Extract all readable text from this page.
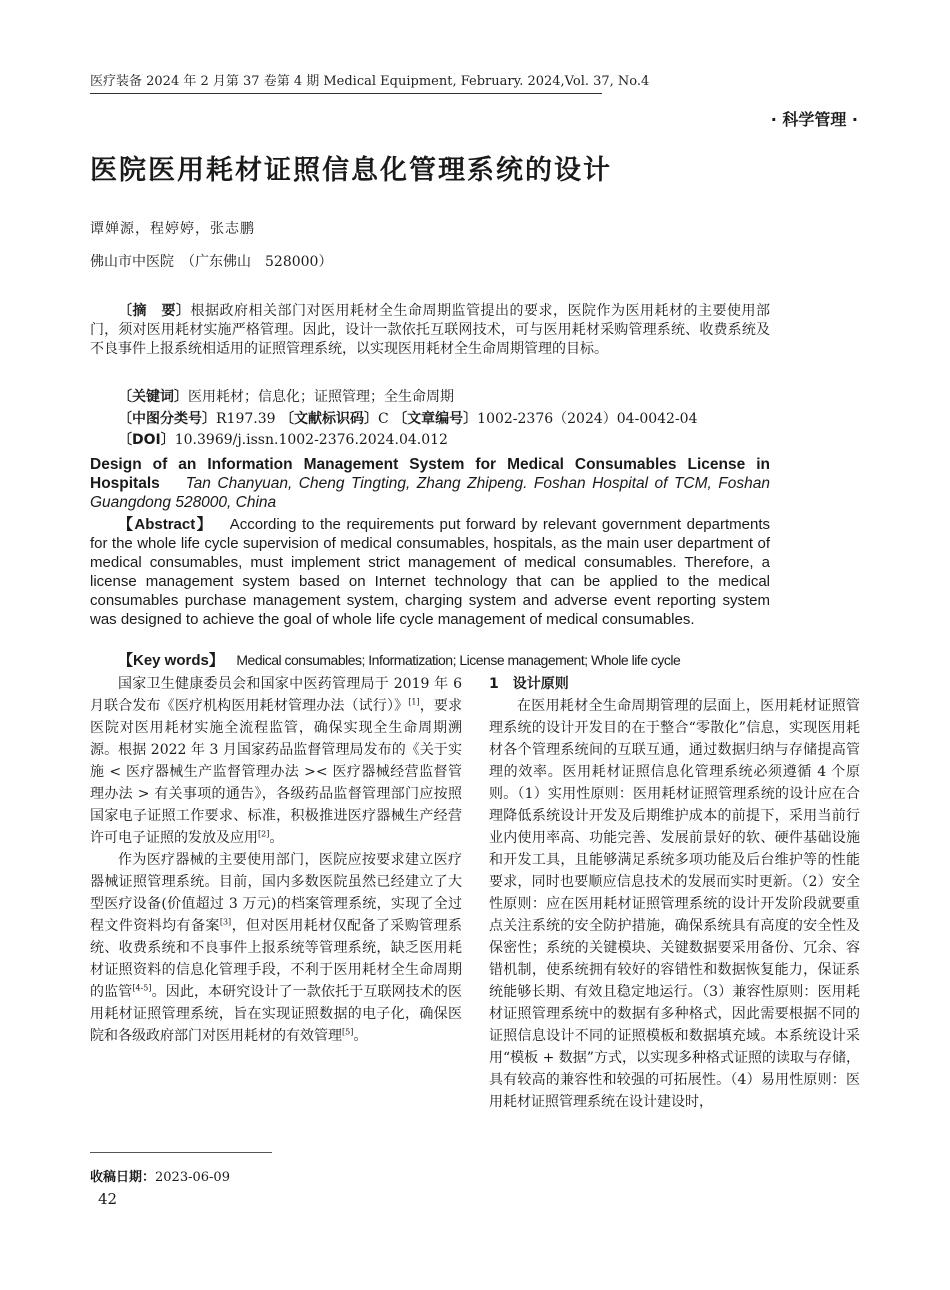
医疗装备 2024 年 2 月第 37 卷第 4 期 Medical Equipment, February. 2024,Vol. 37, No.4
· 科学管理 ·
医院医用耗材证照信息化管理系统的设计
谭婵源，程婷婷，张志鹏
佛山市中医院　（广东佛山　528000）
〔摘　要〕根据政府相关部门对医用耗材全生命周期监管提出的要求，医院作为医用耗材的主要使用部门，须对医用耗材实施严格管理。因此，设计一款依托互联网技术，可与医用耗材采购管理系统、收费系统及不良事件上报系统相适用的证照管理系统，以实现医用耗材全生命周期管理的目标。
〔关键词〕医用耗材；信息化；证照管理；全生命周期
〔中图分类号〕R197.39 〔文献标识码〕C 〔文章编号〕1002-2376（2024）04-0042-04
〔DOI〕10.3969/j.issn.1002-2376.2024.04.012
Design of an Information Management System for Medical Consumables License in Hospitals Tan Chanyuan, Cheng Tingting, Zhang Zhipeng. Foshan Hospital of TCM, Foshan Guangdong 528000, China
【Abstract】 According to the requirements put forward by relevant government departments for the whole life cycle supervision of medical consumables, hospitals, as the main user department of medical consumables, must implement strict management of medical consumables. Therefore, a license management system based on Internet technology that can be applied to the medical consumables purchase management system, charging system and adverse event reporting system was designed to achieve the goal of whole life cycle management of medical consumables.
【Key words】 Medical consumables; Informatization; License management; Whole life cycle

国家卫生健康委员会和国家中医药管理局于 2019 年 6 月联合发布《医疗机构医用耗材管理办法（试行）》[1]，要求医院对医用耗材实施全流程监管，确保实现全生命周期溯源。根据 2022 年 3 月国家药品监督管理局发布的《关于实施 < 医疗器械生产监督管理办法 >< 医疗器械经营监督管理办法 > 有关事项的通告》，各级药品监督管理部门应按照国家电子证照工作要求、标准，积极推进医疗器械生产经营许可电子证照的发放及应用[2]。

作为医疗器械的主要使用部门，医院应按要求建立医疗器械证照管理系统。目前，国内多数医院虽然已经建立了大型医疗设备(价值超过 3 万元)的档案管理系统，实现了全过程文件资料均有备案[3]，但对医用耗材仅配备了采购管理系统、收费系统和不良事件上报系统等管理系统，缺乏医用耗材证照资料的信息化管理手段，不利于医用耗材全生命周期的监管[4-5]。因此，本研究设计了一款依托于互联网技术的医用耗材证照管理系统，旨在实现证照数据的电子化，确保医院和各级政府部门对医用耗材的有效管理[5]。

1　设计原则

在医用耗材全生命周期管理的层面上，医用耗材证照管理系统的设计开发目的在于整合“零散化”信息，实现医用耗材各个管理系统间的互联互通，通过数据归纳与存储提高管理的效率。医用耗材证照信息化管理系统必须遵循 4 个原则。（1）实用性原则：医用耗材证照管理系统的设计应在合理降低系统设计开发及后期维护成本的前提下，采用当前行业内使用率高、功能完善、发展前景好的软、硬件基础设施和开发工具，且能够满足系统多项功能及后台维护等的性能要求，同时也要顺应信息技术的发展而实时更新。（2）安全性原则：应在医用耗材证照管理系统的设计开发阶段就要重点关注系统的安全防护措施，确保系统具有高度的安全性及保密性；系统的关键模块、关键数据要采用备份、冗余、容错机制，使系统拥有较好的容错性和数据恢复能力，保证系统能够长期、有效且稳定地运行。（3）兼容性原则：医用耗材证照管理系统中的数据有多种格式，因此需要根据不同的证照信息设计不同的证照模板和数据填充域。本系统设计采用“模板 + 数据”方式，以实现多种格式证照的读取与存储，具有较高的兼容性和较强的可拓展性。（4）易用性原则：医用耗材证照管理系统在设计建设时，

收稿日期：2023-06-09
42
